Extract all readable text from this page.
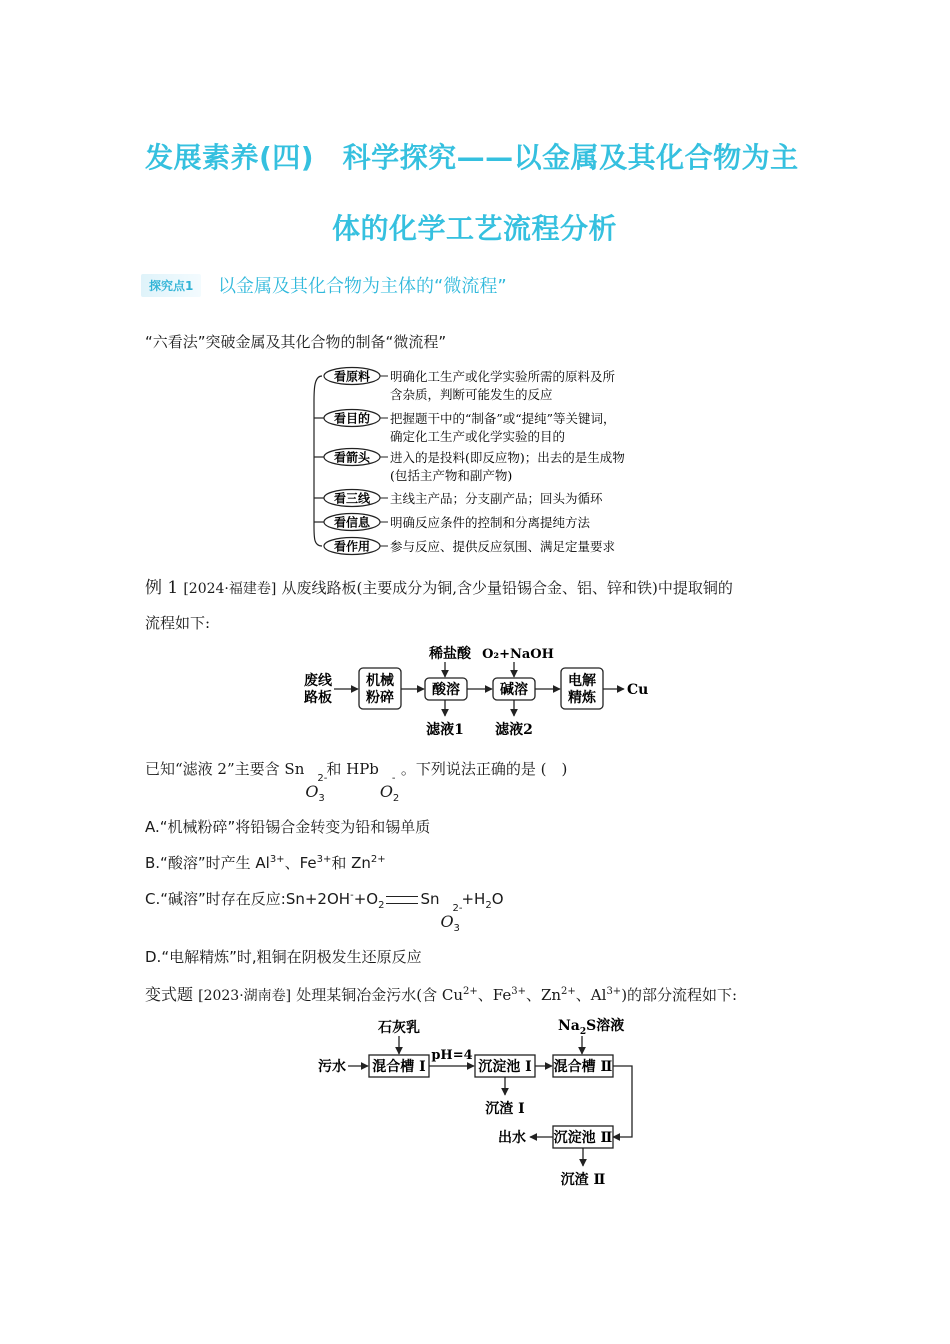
发展素养(四)　科学探究——以金属及其化合物为主
体的化学工艺流程分析
探究点1	以金属及其化合物为主体的“微流程”
“六看法”突破金属及其化合物的制备“微流程”
看原料
看目的
看箭头
看三线
看信息
看作用
明确化工生产或化学实验所需的原料及所
含杂质，判断可能发生的反应
把握题干中的“制备”或“提纯”等关键词，
确定化工生产或化学实验的目的
进入的是投料(即反应物)；出去的是生成物
(包括主产物和副产物)
主线主产品；分支副产品；回头为循环
明确反应条件的控制和分离提纯方法
参与反应、提供反应氛围、满足定量要求
例 1 [2024·福建卷] 从废线路板(主要成分为铜,含少量铅锡合金、铝、锌和铁)中提取铜的
流程如下:
废线
路板
机械
粉碎
稀盐酸
酸溶
滤液1
O₂+NaOH
碱溶
滤液2
电解
精炼 Cu
已知“滤液 2”主要含 Sn
O 3
2-
和 HPb
O 2
-
。下列说法正确的是 (　)
A.“机械粉碎”将铅锡合金转变为铅和锡单质
B.“酸溶”时产生 $Al^{3+}$、$Fe^{3+}$和 $Zn^{2+}$
C.“碱溶”时存在反应$:Sn+2OH^-+O_2$ Sn
O 3
2-
$+H_2O$
D.“电解精炼”时,粗铜在阴极发生还原反应
变式题 [2023·湖南卷] 处理某铜冶金污水(含 $Cu^{2+}$、$Fe^{3+}$、$Zn^{2+}$、$Al^{3+}$)的部分流程如下:
污水
石灰乳
混合槽 Ⅰ
pH=4
沉淀池 Ⅰ
沉渣 Ⅰ
$Na_2S$溶液
混合槽 Ⅱ
沉淀池 Ⅱ
出水
沉渣 Ⅱ
